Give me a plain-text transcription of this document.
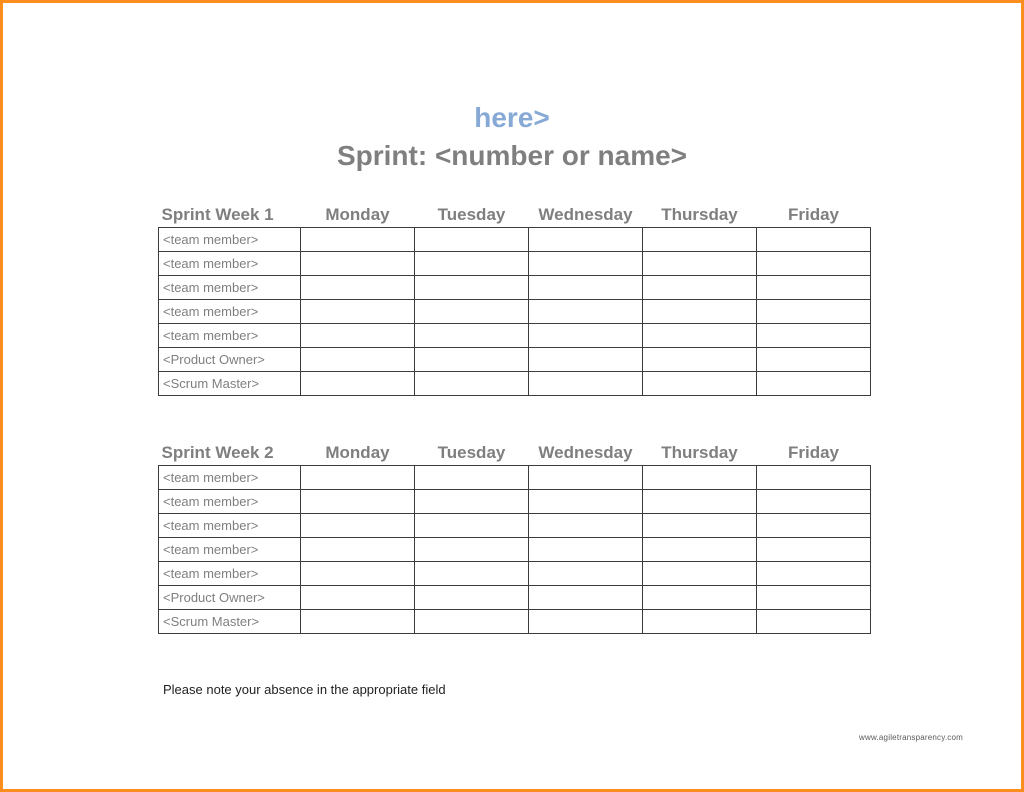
here>
Sprint: <number or name>
Sprint Week 1	Monday	Tuesday	Wednesday	Thursday	Friday
<team member>					
<team member>					
<team member>					
<team member>					
<team member>					
<Product Owner>					
<Scrum Master>					
Sprint Week 2	Monday	Tuesday	Wednesday	Thursday	Friday
<team member>					
<team member>					
<team member>					
<team member>					
<team member>					
<Product Owner>					
<Scrum Master>					
Please note your absence in the appropriate field
www.agiletransparency.com
